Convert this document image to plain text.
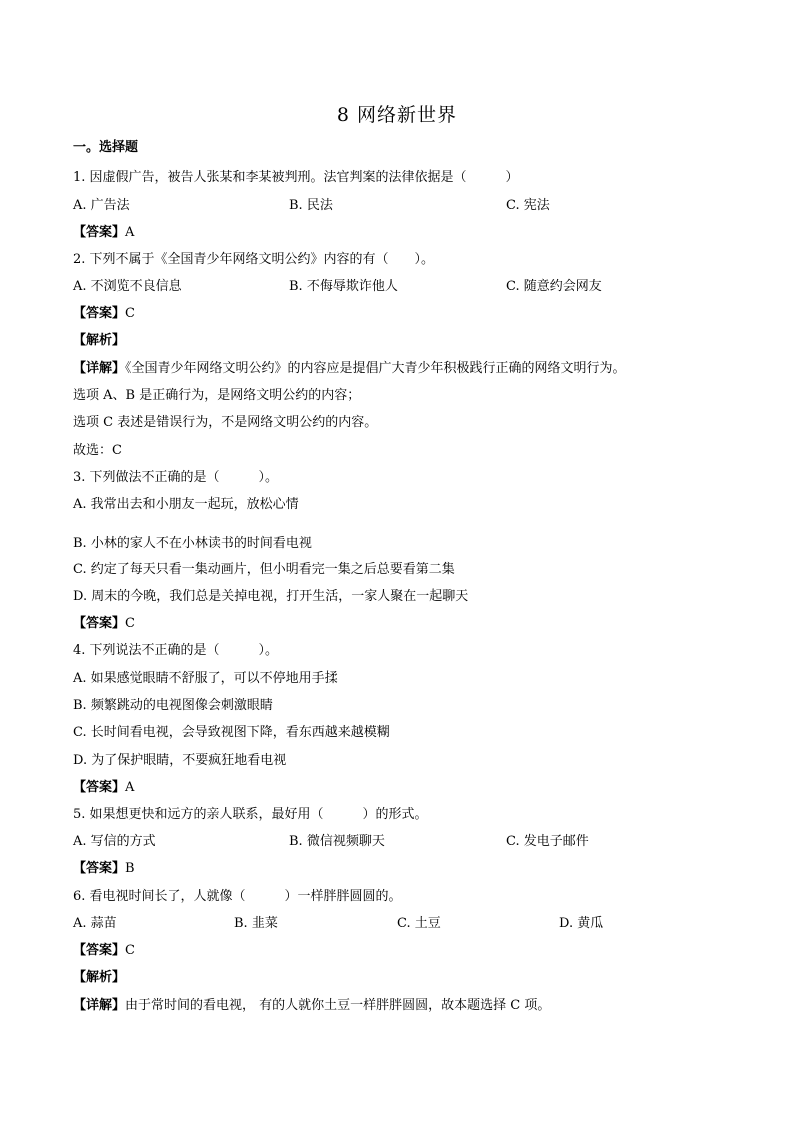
8 网络新世界
一。选择题
1. 因虚假广告，被告人张某和李某被判刑。法官判案的法律依据是（　　　）
A. 广告法	B. 民法	C. 宪法
【答案】A
2. 下列不属于《全国青少年网络文明公约》内容的有（　　）。
A. 不浏览不良信息	B. 不侮辱欺诈他人	C. 随意约会网友
【答案】C
【解析】
【详解】《全国青少年网络文明公约》的内容应是提倡广大青少年积极践行正确的网络文明行为。
选项 A、B 是正确行为，是网络文明公约的内容；
选项 C 表述是错误行为，不是网络文明公约的内容。
故选：C
3. 下列做法不正确的是（　　　）。
A. 我常出去和小朋友一起玩，放松心情
B. 小林的家人不在小林读书的时间看电视
C. 约定了每天只看一集动画片，但小明看完一集之后总要看第二集
D. 周末的今晚，我们总是关掉电视，打开生活，一家人聚在一起聊天
【答案】C
4. 下列说法不正确的是（　　　）。
A. 如果感觉眼睛不舒服了，可以不停地用手揉
B. 频繁跳动的电视图像会刺激眼睛
C. 长时间看电视，会导致视图下降，看东西越来越模糊
D. 为了保护眼睛，不要疯狂地看电视
【答案】A
5. 如果想更快和远方的亲人联系，最好用（　　　）的形式。
A. 写信的方式	B. 微信视频聊天	C. 发电子邮件
【答案】B
6. 看电视时间长了，人就像（　　　）一样胖胖圆圆的。
A. 蒜苗	B. 韭菜	C. 土豆	D. 黄瓜
【答案】C
【解析】
【详解】由于常时间的看电视， 有的人就你土豆一样胖胖圆圆，故本题选择 C 项。
